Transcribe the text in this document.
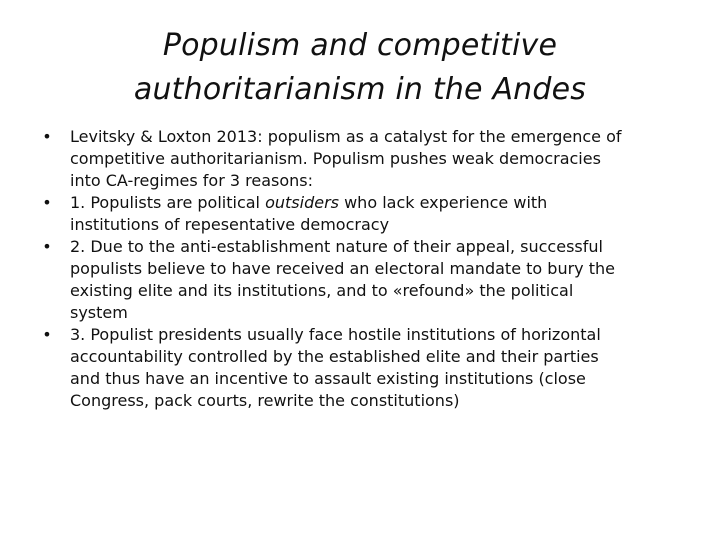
Populism and competitive
authoritarianism in the Andes
• Levitsky & Loxton 2013: populism as a catalyst for the emergence of
competitive authoritarianism. Populism pushes weak democracies
into CA-regimes for 3 reasons:
• 1. Populists are political outsiders who lack experience with
institutions of repesentative democracy
• 2. Due to the anti-establishment nature of their appeal, successful
populists believe to have received an electoral mandate to bury the
existing elite and its institutions, and to «refound» the political
system
• 3. Populist presidents usually face hostile institutions of horizontal
accountability controlled by the established elite and their parties
and thus have an incentive to assault existing institutions (close
Congress, pack courts, rewrite the constitutions)
